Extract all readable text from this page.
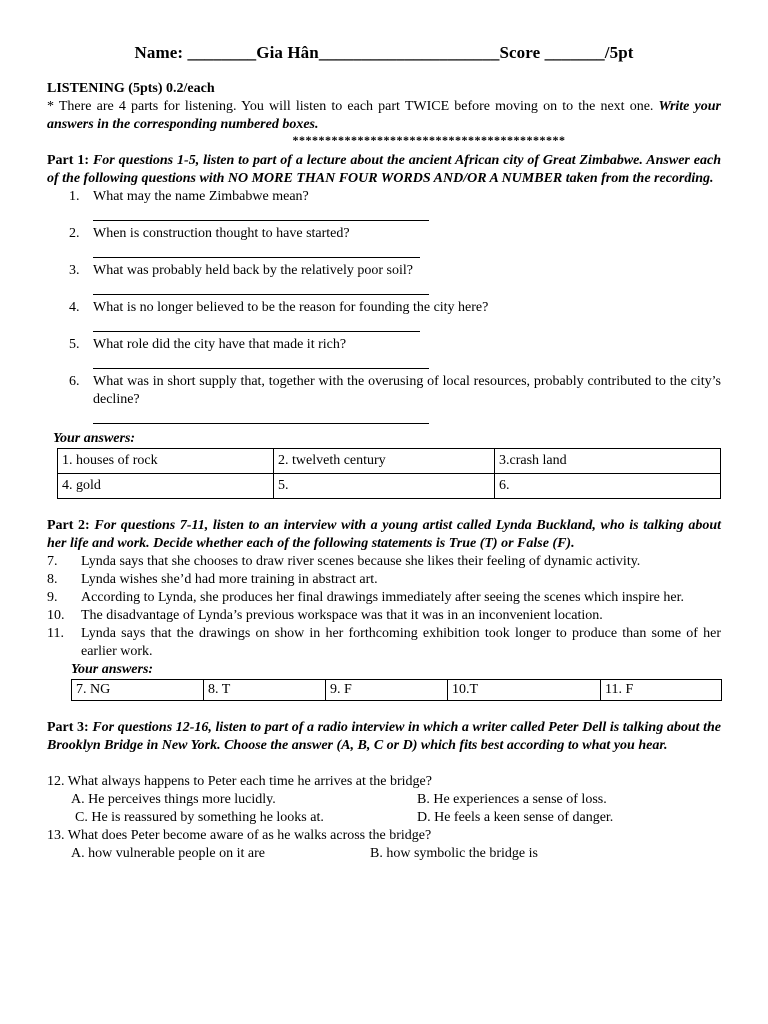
Name: ________Gia Hân_____________________Score _______/5pt

LISTENING (5pts) 0.2/each

* There are 4 parts for listening. You will listen to each part TWICE before moving on to the next one. Write your answers in the corresponding numbered boxes.

******************************************

Part 1: For questions 1-5, listen to part of a lecture about the ancient African city of Great Zimbabwe. Answer each of the following questions with NO MORE THAN FOUR WORDS AND/OR A NUMBER taken from the recording.

1. What may the name Zimbabwe mean?
2. When is construction thought to have started?
3. What was probably held back by the relatively poor soil?
4. What is no longer believed to be the reason for founding the city here?
5. What role did the city have that made it rich?
6. What was in short supply that, together with the overusing of local resources, probably contributed to the city’s decline?
Your answers:
1. houses of rock	2. twelveth century	3.crash land
4. gold	5.	6.

Part 2: For questions 7-11, listen to an interview with a young artist called Lynda Buckland, who is talking about her life and work. Decide whether each of the following statements is True (T) or False (F).

7. Lynda says that she chooses to draw river scenes because she likes their feeling of dynamic activity.
8. Lynda wishes she’d had more training in abstract art.
9. According to Lynda, she produces her final drawings immediately after seeing the scenes which inspire her.
10. The disadvantage of Lynda’s previous workspace was that it was in an inconvenient location.
11. Lynda says that the drawings on show in her forthcoming exhibition took longer to produce than some of her earlier work.
Your answers:
7. NG	8. T	9. F	10.T	11. F

Part 3: For questions 12-16, listen to part of a radio interview in which a writer called Peter Dell is talking about the Brooklyn Bridge in New York. Choose the answer (A, B, C or D) which fits best according to what you hear.

12. What always happens to Peter each time he arrives at the bridge?
A. He perceives things more lucidly.	B. He experiences a sense of loss.
C. He is reassured by something he looks at.	D. He feels a keen sense of danger.
13. What does Peter become aware of as he walks across the bridge?
A. how vulnerable people on it are	B. how symbolic the bridge is
